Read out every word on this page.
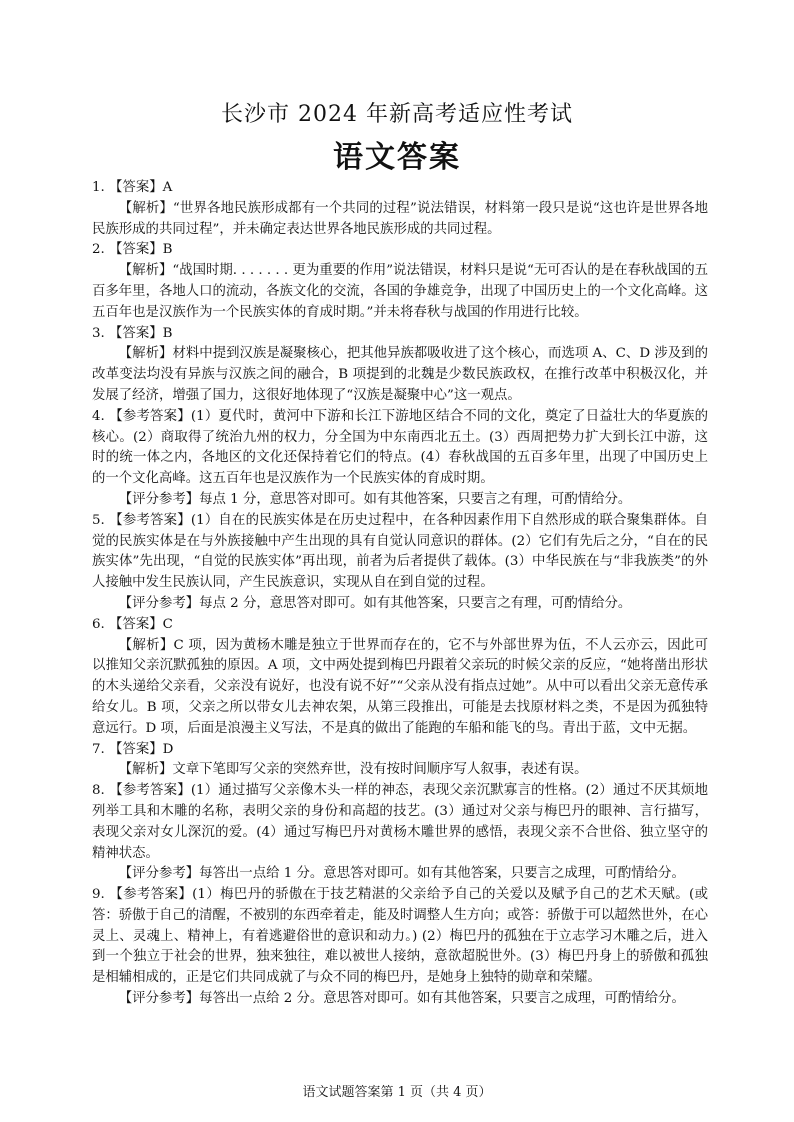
长沙市 2024 年新高考适应性考试
语文答案

1. 【答案】A

【解析】“世界各地民族形成都有一个共同的过程”说法错误，材料第一段只是说“这也许是世界各地民族形成的共同过程”，并未确定表达世界各地民族形成的共同过程。

2. 【答案】B

【解析】“战国时期. . . . . . . 更为重要的作用”说法错误，材料只是说“无可否认的是在春秋战国的五百多年里，各地人口的流动，各族文化的交流，各国的争雄竞争，出现了中国历史上的一个文化高峰。这五百年也是汉族作为一个民族实体的育成时期。”并未将春秋与战国的作用进行比较。

3. 【答案】B

【解析】材料中提到汉族是凝聚核心，把其他异族都吸收进了这个核心，而选项 A、C、D 涉及到的改革变法均没有异族与汉族之间的融合，B 项提到的北魏是少数民族政权，在推行改革中积极汉化，并发展了经济，增强了国力，这很好地体现了“汉族是凝聚中心”这一观点。

4. 【参考答案】(1）夏代时，黄河中下游和长江下游地区结合不同的文化，奠定了日益壮大的华夏族的核心。(2）商取得了统治九州的权力，分全国为中东南西北五土。(3）西周把势力扩大到长江中游，这时的统一体之内，各地区的文化还保持着它们的特点。(4）春秋战国的五百多年里，出现了中国历史上的一个文化高峰。这五百年也是汉族作为一个民族实体的育成时期。

【评分参考】每点 1 分，意思答对即可。如有其他答案，只要言之有理，可酌情给分。

5. 【参考答案】(1）自在的民族实体是在历史过程中，在各种因素作用下自然形成的联合聚集群体。自觉的民族实体是在与外族接触中产生出现的具有自觉认同意识的群体。(2）它们有先后之分，“自在的民族实体”先出现，“自觉的民族实体”再出现，前者为后者提供了载体。(3）中华民族在与“非我族类”的外人接触中发生民族认同，产生民族意识，实现从自在到自觉的过程。

【评分参考】每点 2 分，意思答对即可。如有其他答案，只要言之有理，可酌情给分。

6. 【答案】C

【解析】C 项，因为黄杨木雕是独立于世界而存在的，它不与外部世界为伍，不人云亦云，因此可以推知父亲沉默孤独的原因。A 项，文中两处提到梅巴丹跟着父亲玩的时候父亲的反应，“她将凿出形状的木头递给父亲看，父亲没有说好，也没有说不好”“父亲从没有指点过她”。从中可以看出父亲无意传承给女儿。B 项，父亲之所以带女儿去神农架，从第三段推出，可能是去找原材料之类，不是因为孤独特意远行。D 项，后面是浪漫主义写法，不是真的做出了能跑的车船和能飞的鸟。青出于蓝，文中无据。

7. 【答案】D

【解析】文章下笔即写父亲的突然弃世，没有按时间顺序写人叙事，表述有误。

8. 【参考答案】(1）通过描写父亲像木头一样的神态，表现父亲沉默寡言的性格。(2）通过不厌其烦地列举工具和木雕的名称，表明父亲的身份和高超的技艺。(3）通过对父亲与梅巴丹的眼神、言行描写，表现父亲对女儿深沉的爱。(4）通过写梅巴丹对黄杨木雕世界的感悟，表现父亲不合世俗、独立坚守的精神状态。

【评分参考】每答出一点给 1 分。意思答对即可。如有其他答案，只要言之成理，可酌情给分。

9. 【参考答案】(1）梅巴丹的骄傲在于技艺精湛的父亲给予自己的关爱以及赋予自己的艺术天赋。(或答：骄傲于自己的清醒，不被别的东西牵着走，能及时调整人生方向；或答：骄傲于可以超然世外，在心灵上、灵魂上、精神上，有着逃避俗世的意识和动力。) (2）梅巴丹的孤独在于立志学习木雕之后，进入到一个独立于社会的世界，独来独往，难以被世人接纳，意欲超脱世外。(3）梅巴丹身上的骄傲和孤独是相辅相成的，正是它们共同成就了与众不同的梅巴丹，是她身上独特的勋章和荣耀。

【评分参考】每答出一点给 2 分。意思答对即可。如有其他答案，只要言之成理，可酌情给分。

语文试题答案第 1 页（共 4 页）
